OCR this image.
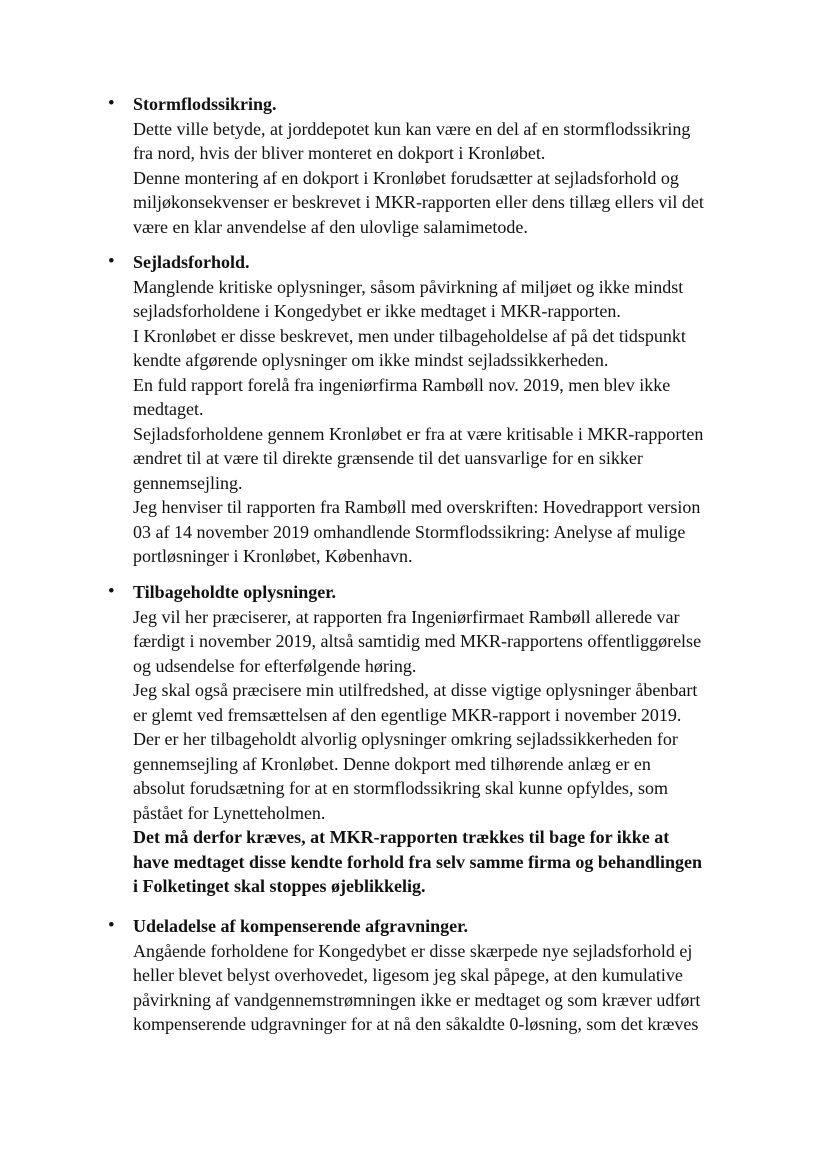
• Stormflodssikring.
Dette ville betyde, at jorddepotet kun kan være en del af en stormflodssikring
fra nord, hvis der bliver monteret en dokport i Kronløbet.
Denne montering af en dokport i Kronløbet forudsætter at sejladsforhold og
miljøkonsekvenser er beskrevet i MKR-rapporten eller dens tillæg ellers vil det
være en klar anvendelse af den ulovlige salamimetode.
• Sejladsforhold.
Manglende kritiske oplysninger, såsom påvirkning af miljøet og ikke mindst
sejladsforholdene i Kongedybet er ikke medtaget i MKR-rapporten.
I Kronløbet er disse beskrevet, men under tilbageholdelse af på det tidspunkt
kendte afgørende oplysninger om ikke mindst sejladssikkerheden.
En fuld rapport forelå fra ingeniørfirma Rambøll nov. 2019, men blev ikke
medtaget.
Sejladsforholdene gennem Kronløbet er fra at være kritisable i MKR-rapporten
ændret til at være til direkte grænsende til det uansvarlige for en sikker
gennemsejling.
Jeg henviser til rapporten fra Rambøll med overskriften: Hovedrapport version
03 af 14 november 2019 omhandlende Stormflodssikring: Anelyse af mulige
portløsninger i Kronløbet, København.
• Tilbageholdte oplysninger.
Jeg vil her præciserer, at rapporten fra Ingeniørfirmaet Rambøll allerede var
færdigt i november 2019, altså samtidig med MKR-rapportens offentliggørelse
og udsendelse for efterfølgende høring.
Jeg skal også præcisere min utilfredshed, at disse vigtige oplysninger åbenbart
er glemt ved fremsættelsen af den egentlige MKR-rapport i november 2019.
Der er her tilbageholdt alvorlig oplysninger omkring sejladssikkerheden for
gennemsejling af Kronløbet. Denne dokport med tilhørende anlæg er en
absolut forudsætning for at en stormflodssikring skal kunne opfyldes, som
påstået for Lynetteholmen.
Det må derfor kræves, at MKR-rapporten trækkes til bage for ikke at
have medtaget disse kendte forhold fra selv samme firma og behandlingen
i Folketinget skal stoppes øjeblikkelig.
• Udeladelse af kompenserende afgravninger.
Angående forholdene for Kongedybet er disse skærpede nye sejladsforhold ej
heller blevet belyst overhovedet, ligesom jeg skal påpege, at den kumulative
påvirkning af vandgennemstrømningen ikke er medtaget og som kræver udført
kompenserende udgravninger for at nå den såkaldte 0-løsning, som det kræves
